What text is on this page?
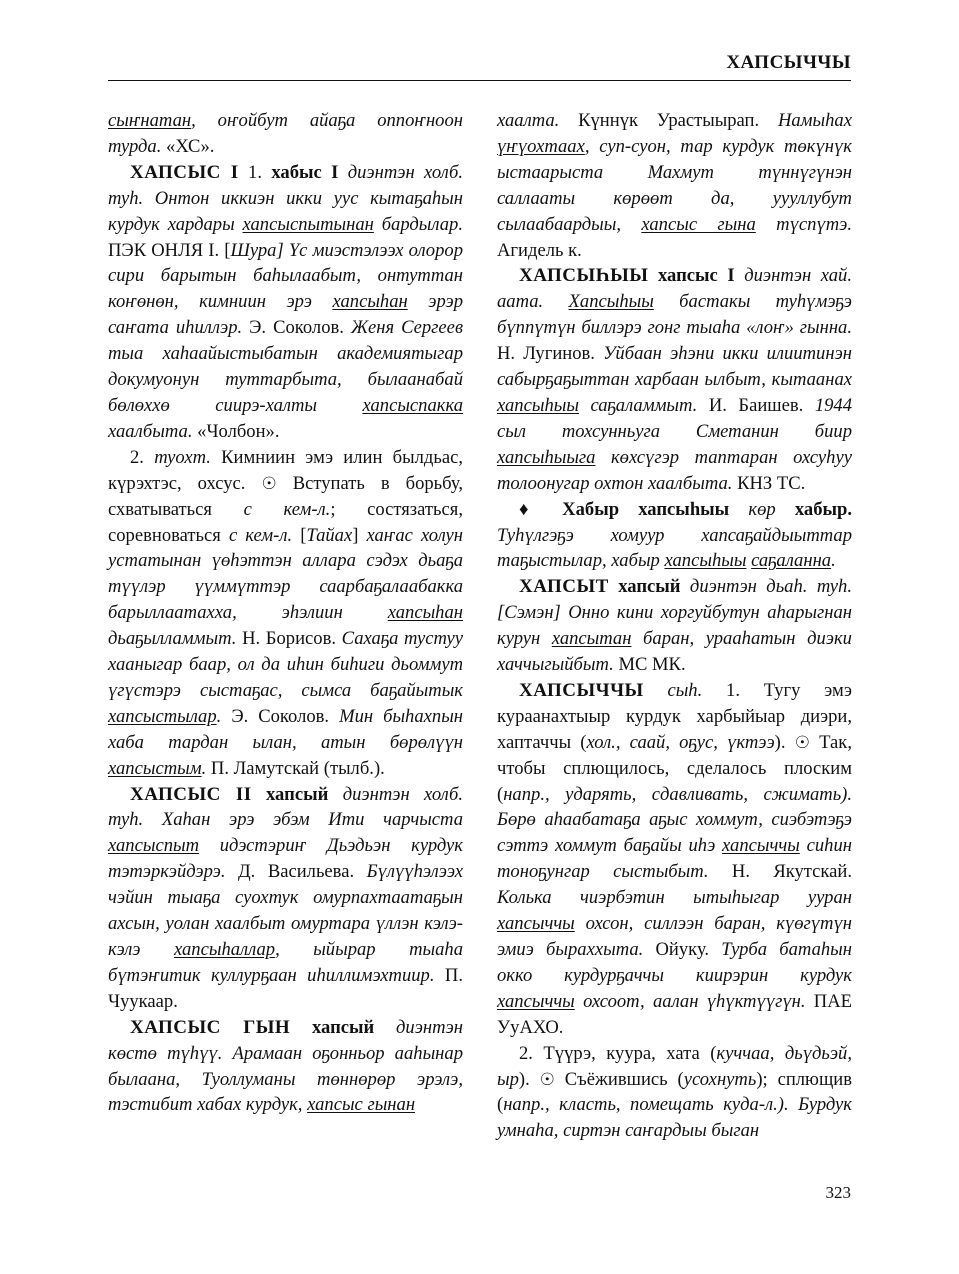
ХАПСЫЧЧЫ

сыҥнатан, оҥойбут айаҕа оппоҥноон турда. «ХС».

ХАПСЫС I 1. хабыс I диэнтэн холб. туһ. Онтон иккиэн икки уус кытаҕаһын курдук хардары хапсыспытынан бардылар. ПЭК ОНЛЯ I. [Шура] Үс миэстэлээх олорор сири барытын баһылаабыт, онтуттан коҥөнөн, кимниин эрэ хапсыһан эрэр саҥата иһиллэр. Э. Соколов. Женя Сергеев тыа хаһаайыстыбатын академиятыгар докумуонун туттарбыта, былаанабай бөлөххө сиирэ-халты хапсыспакка хаалбыта. «Чолбон».

2. туохт. Кимниин эмэ илин былдьас, күрэхтэс, охсус. ☉ Вступать в борьбу, схватываться с кем-л.; состязаться, соревноваться с кем-л. [Тайах] хаҥас холун устатынан үөһэттэн аллара сэдэх дьаҕа түүлэр үүммүттэр саарбаҕалаабакка барыллаатахха, эһэлиин хапсыһан дьаҕылламмыт. Н. Борисов. Сахаҕа тустуу хааныгар баар, ол да иһин биһиги дьоммут үгүстэрэ сыстаҕас, сымса баҕайытык хапсыстылар. Э. Соколов. Мин быһахпын хаба тардан ылан, атын бөрөлүүн хапсыстым. П. Ламутскай (тылб.).

ХАПСЫС II хапсый диэнтэн холб. туһ. Хаһан эрэ эбэм Ити чарчыста хапсыспыт идэстэриҥ Дьэдьэн курдук тэтэркэйдэрэ. Д. Васильева. Бүлүүһэлээх чэйин тыаҕа суохтук омурпахтаатаҕын ахсын, уолан хаалбыт омуртара үллэн кэлэ-кэлэ хапсыһаллар, ыйырар тыаһа бүтэҥитик куллурҕаан иһиллимэхтиир. П. Чуукаар.

ХАПСЫС ГЫН хапсый диэнтэн көстө түһүү. Арамаан оҕонньор ааһынар былаана, Туоллуманы төннөрөр эрэлэ, тэстибит хабах курдук, хапсыс гынан

хаалта. Күннүк Урастыырап. Намыһах үҥүохтаах, суп-суон, тар курдук төкүнүк ыстаарыста Махмут түннүгүнэн саллааты көрөөт да, уууллубут сылаабаардыы, хапсыс гына түспүтэ. Агидель к.

ХАПСЫҺЫЫ хапсыс I диэнтэн хай. аата. Хапсыһыы бастакы туһүмэҕэ бүппүтүн биллэрэ гонг тыаһа «лоҥ» гынна. Н. Лугинов. Уйбаан эһэни икки илиитинэн сабырҕаҕыттан харбаан ылбыт, кытаанах хапсыһыы саҕаламмыт. И. Баишев. 1944 сыл тохсунньуга Сметанин биир хапсыһыыга көхсүгэр таптаран охсуһуу толоонугар охтон хаалбыта. КНЗ ТС.

♦ Хабыр хапсыһыы көр хабыр. Туһүлгэҕэ хомуур хапсаҕайдыыттар таҕыстылар, хабыр хапсыһыы саҕаланна.

ХАПСЫТ хапсый диэнтэн дьаһ. туһ. [Сэмэн] Онно кини хоргуйбутун аһарыгнан курун хапсытан баран, урааһатын диэки хаччыгыйбыт. МС МК.

ХАПСЫЧЧЫ сыһ. 1. Тугу эмэ кураанахтыыр курдук харбыйыар диэри, хаптаччы (хол., саай, оҕус, үктээ). ☉ Так, чтобы сплющилось, сделалось плоским (напр., ударять, сдавливать, сжимать). Бөрө аһаабатаҕа аҕыс хоммут, сиэбэтэҕэ сэттэ хоммут баҕайы иһэ хапсыччы сиһин тоноҕунгар сыстыбыт. Н. Якутскай. Колька чиэрбэтин ытыһыгар ууран хапсыччы охсон, силлээн баран, күөгүтүн эмиэ быраххыта. Ойуку. Турба батаһын окко курдурҕаччы киирэрин курдук хапсыччы охсоот, аалан үһүктүүгүн. ПАЕ УуАХО.

2. Түүрэ, куура, хата (куччаа, дьүдьэй, ыр). ☉ Съёжившись (усохнуть); сплющив (напр., класть, помещать куда-л.). Бурдук умнаһа, сиртэн саҥардыы быган

323
